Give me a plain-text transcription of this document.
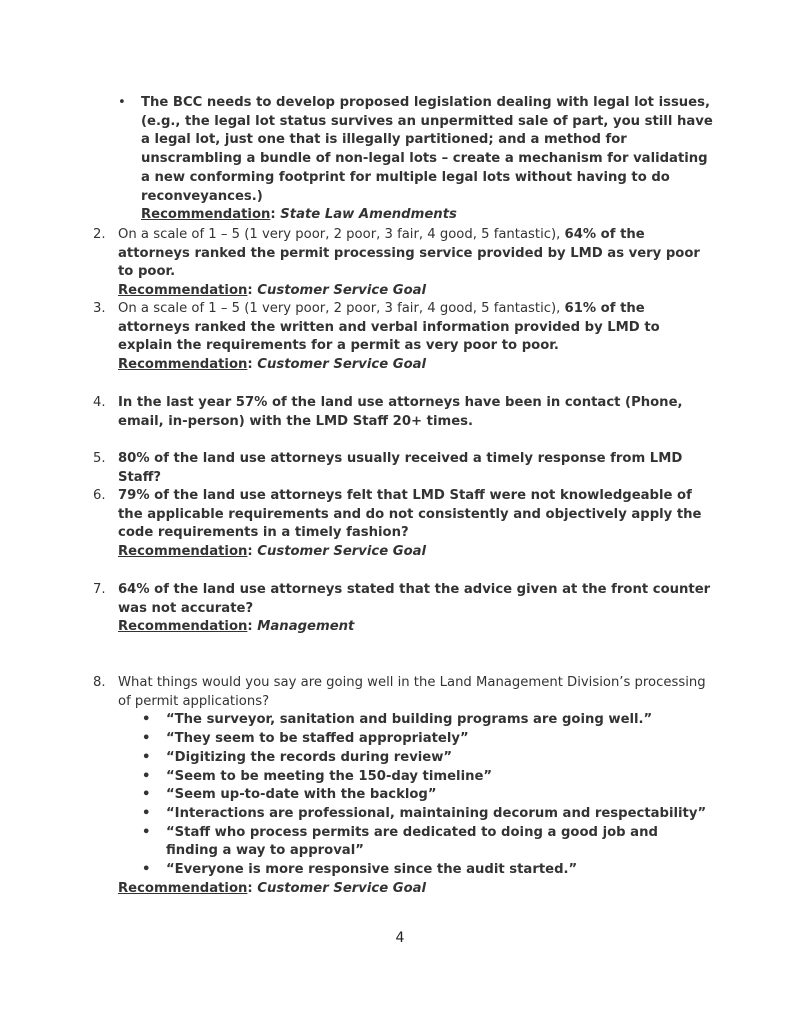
• The BCC needs to develop proposed legislation dealing with legal lot issues, (e.g., the legal lot status survives an unpermitted sale of part, you still have a legal lot, just one that is illegally partitioned; and a method for unscrambling a bundle of non-legal lots – create a mechanism for validating a new conforming footprint for multiple legal lots without having to do reconveyances.)
Recommendation: State Law Amendments
2. On a scale of 1 – 5 (1 very poor, 2 poor, 3 fair, 4 good, 5 fantastic), 64% of the attorneys ranked the permit processing service provided by LMD as very poor to poor.
Recommendation: Customer Service Goal
3. On a scale of 1 – 5 (1 very poor, 2 poor, 3 fair, 4 good, 5 fantastic), 61% of the attorneys ranked the written and verbal information provided by LMD to explain the requirements for a permit as very poor to poor.
Recommendation: Customer Service Goal
4. In the last year 57% of the land use attorneys have been in contact (Phone, email, in-person) with the LMD Staff 20+ times.
5. 80% of the land use attorneys usually received a timely response from LMD Staff?
6. 79% of the land use attorneys felt that LMD Staff were not knowledgeable of the applicable requirements and do not consistently and objectively apply the code requirements in a timely fashion?
Recommendation: Customer Service Goal
7. 64% of the land use attorneys stated that the advice given at the front counter was not accurate?
Recommendation: Management
8. What things would you say are going well in the Land Management Division’s processing of permit applications?
• “The surveyor, sanitation and building programs are going well.”
• “They seem to be staffed appropriately”
• “Digitizing the records during review”
• “Seem to be meeting the 150-day timeline”
• “Seem up-to-date with the backlog”
• “Interactions are professional, maintaining decorum and respectability”
• “Staff who process permits are dedicated to doing a good job and finding a way to approval”
• “Everyone is more responsive since the audit started.”
Recommendation: Customer Service Goal
4
